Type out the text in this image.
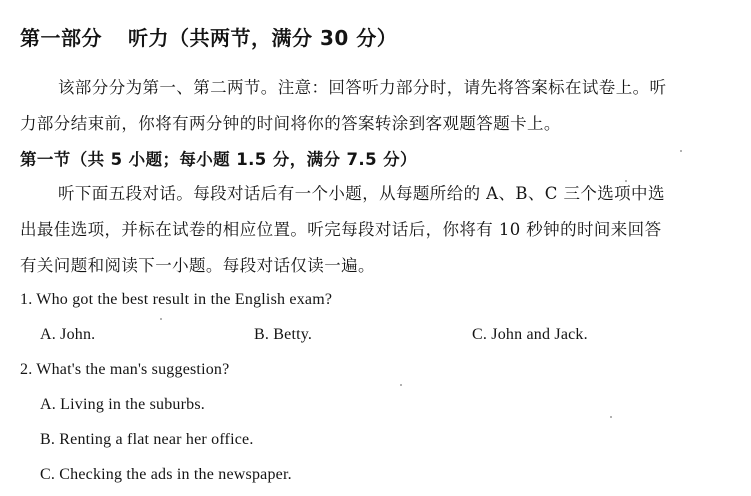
第一部分 听力（共两节，满分 30 分）
该部分分为第一、第二两节。注意：回答听力部分时，请先将答案标在试卷上。听
力部分结束前，你将有两分钟的时间将你的答案转涂到客观题答题卡上。
第一节（共 5 小题；每小题 1.5 分，满分 7.5 分）
听下面五段对话。每段对话后有一个小题，从每题所给的 A、B、C 三个选项中选
出最佳选项，并标在试卷的相应位置。听完每段对话后，你将有 10 秒钟的时间来回答
有关问题和阅读下一小题。每段对话仅读一遍。
1. Who got the best result in the English exam?
A. John.	B. Betty.	C. John and Jack.
2. What's the man's suggestion?
A. Living in the suburbs.
B. Renting a flat near her office.
C. Checking the ads in the newspaper.
